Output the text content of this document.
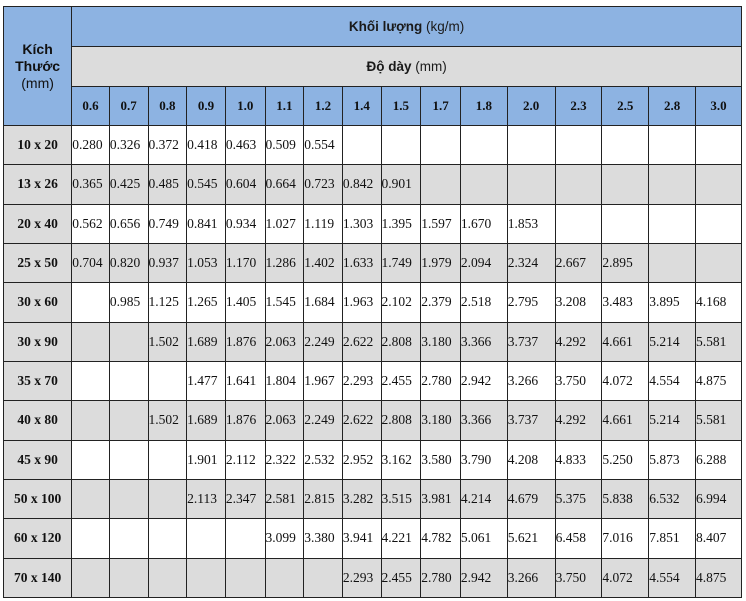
Kích
Thước
(mm)	Khối lượng (kg/m)															
	Độ dày (mm)															
	0.6	0.7	0.8	0.9	1.0	1.1	1.2	1.4	1.5	1.7	1.8	2.0	2.3	2.5	2.8	3.0
10 x 20	0.280	0.326	0.372	0.418	0.463	0.509	0.554									
13 x 26	0.365	0.425	0.485	0.545	0.604	0.664	0.723	0.842	0.901							
20 x 40	0.562	0.656	0.749	0.841	0.934	1.027	1.119	1.303	1.395	1.597	1.670	1.853				
25 x 50	0.704	0.820	0.937	1.053	1.170	1.286	1.402	1.633	1.749	1.979	2.094	2.324	2.667	2.895		
30 x 60		0.985	1.125	1.265	1.405	1.545	1.684	1.963	2.102	2.379	2.518	2.795	3.208	3.483	3.895	4.168
30 x 90			1.502	1.689	1.876	2.063	2.249	2.622	2.808	3.180	3.366	3.737	4.292	4.661	5.214	5.581
35 x 70				1.477	1.641	1.804	1.967	2.293	2.455	2.780	2.942	3.266	3.750	4.072	4.554	4.875
40 x 80			1.502	1.689	1.876	2.063	2.249	2.622	2.808	3.180	3.366	3.737	4.292	4.661	5.214	5.581
45 x 90				1.901	2.112	2.322	2.532	2.952	3.162	3.580	3.790	4.208	4.833	5.250	5.873	6.288
50 x 100				2.113	2.347	2.581	2.815	3.282	3.515	3.981	4.214	4.679	5.375	5.838	6.532	6.994
60 x 120						3.099	3.380	3.941	4.221	4.782	5.061	5.621	6.458	7.016	7.851	8.407
70 x 140								2.293	2.455	2.780	2.942	3.266	3.750	4.072	4.554	4.875
